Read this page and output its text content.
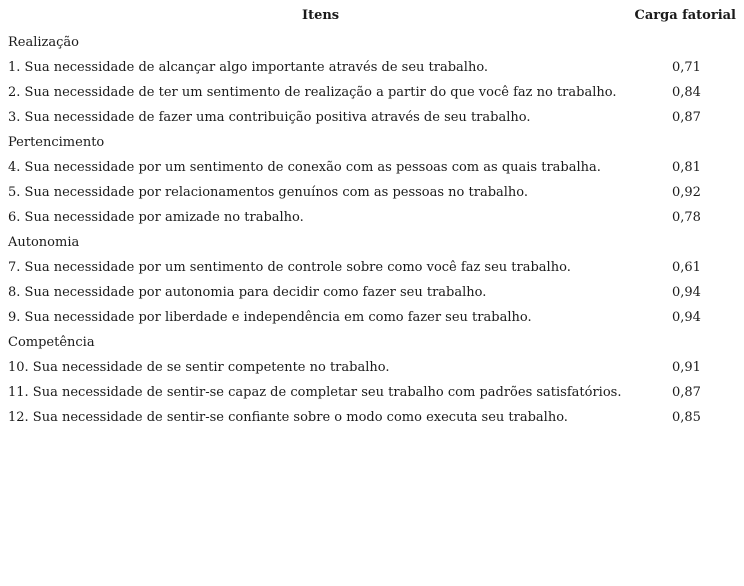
Itens	Carga fatorial
Realização
1. Sua necessidade de alcançar algo importante através de seu trabalho.	0,71
2. Sua necessidade de ter um sentimento de realização a partir do que você faz no trabalho.	0,84
3. Sua necessidade de fazer uma contribuição positiva através de seu trabalho.	0,87
Pertencimento
4. Sua necessidade por um sentimento de conexão com as pessoas com as quais trabalha.	0,81
5. Sua necessidade por relacionamentos genuínos com as pessoas no trabalho.	0,92
6. Sua necessidade por amizade no trabalho.	0,78
Autonomia
7. Sua necessidade por um sentimento de controle sobre como você faz seu trabalho.	0,61
8. Sua necessidade por autonomia para decidir como fazer seu trabalho.	0,94
9. Sua necessidade por liberdade e independência em como fazer seu trabalho.	0,94
Competência
10. Sua necessidade de se sentir competente no trabalho.	0,91
11. Sua necessidade de sentir-se capaz de completar seu trabalho com padrões satisfatórios.	0,87
12. Sua necessidade de sentir-se confiante sobre o modo como executa seu trabalho.	0,85
